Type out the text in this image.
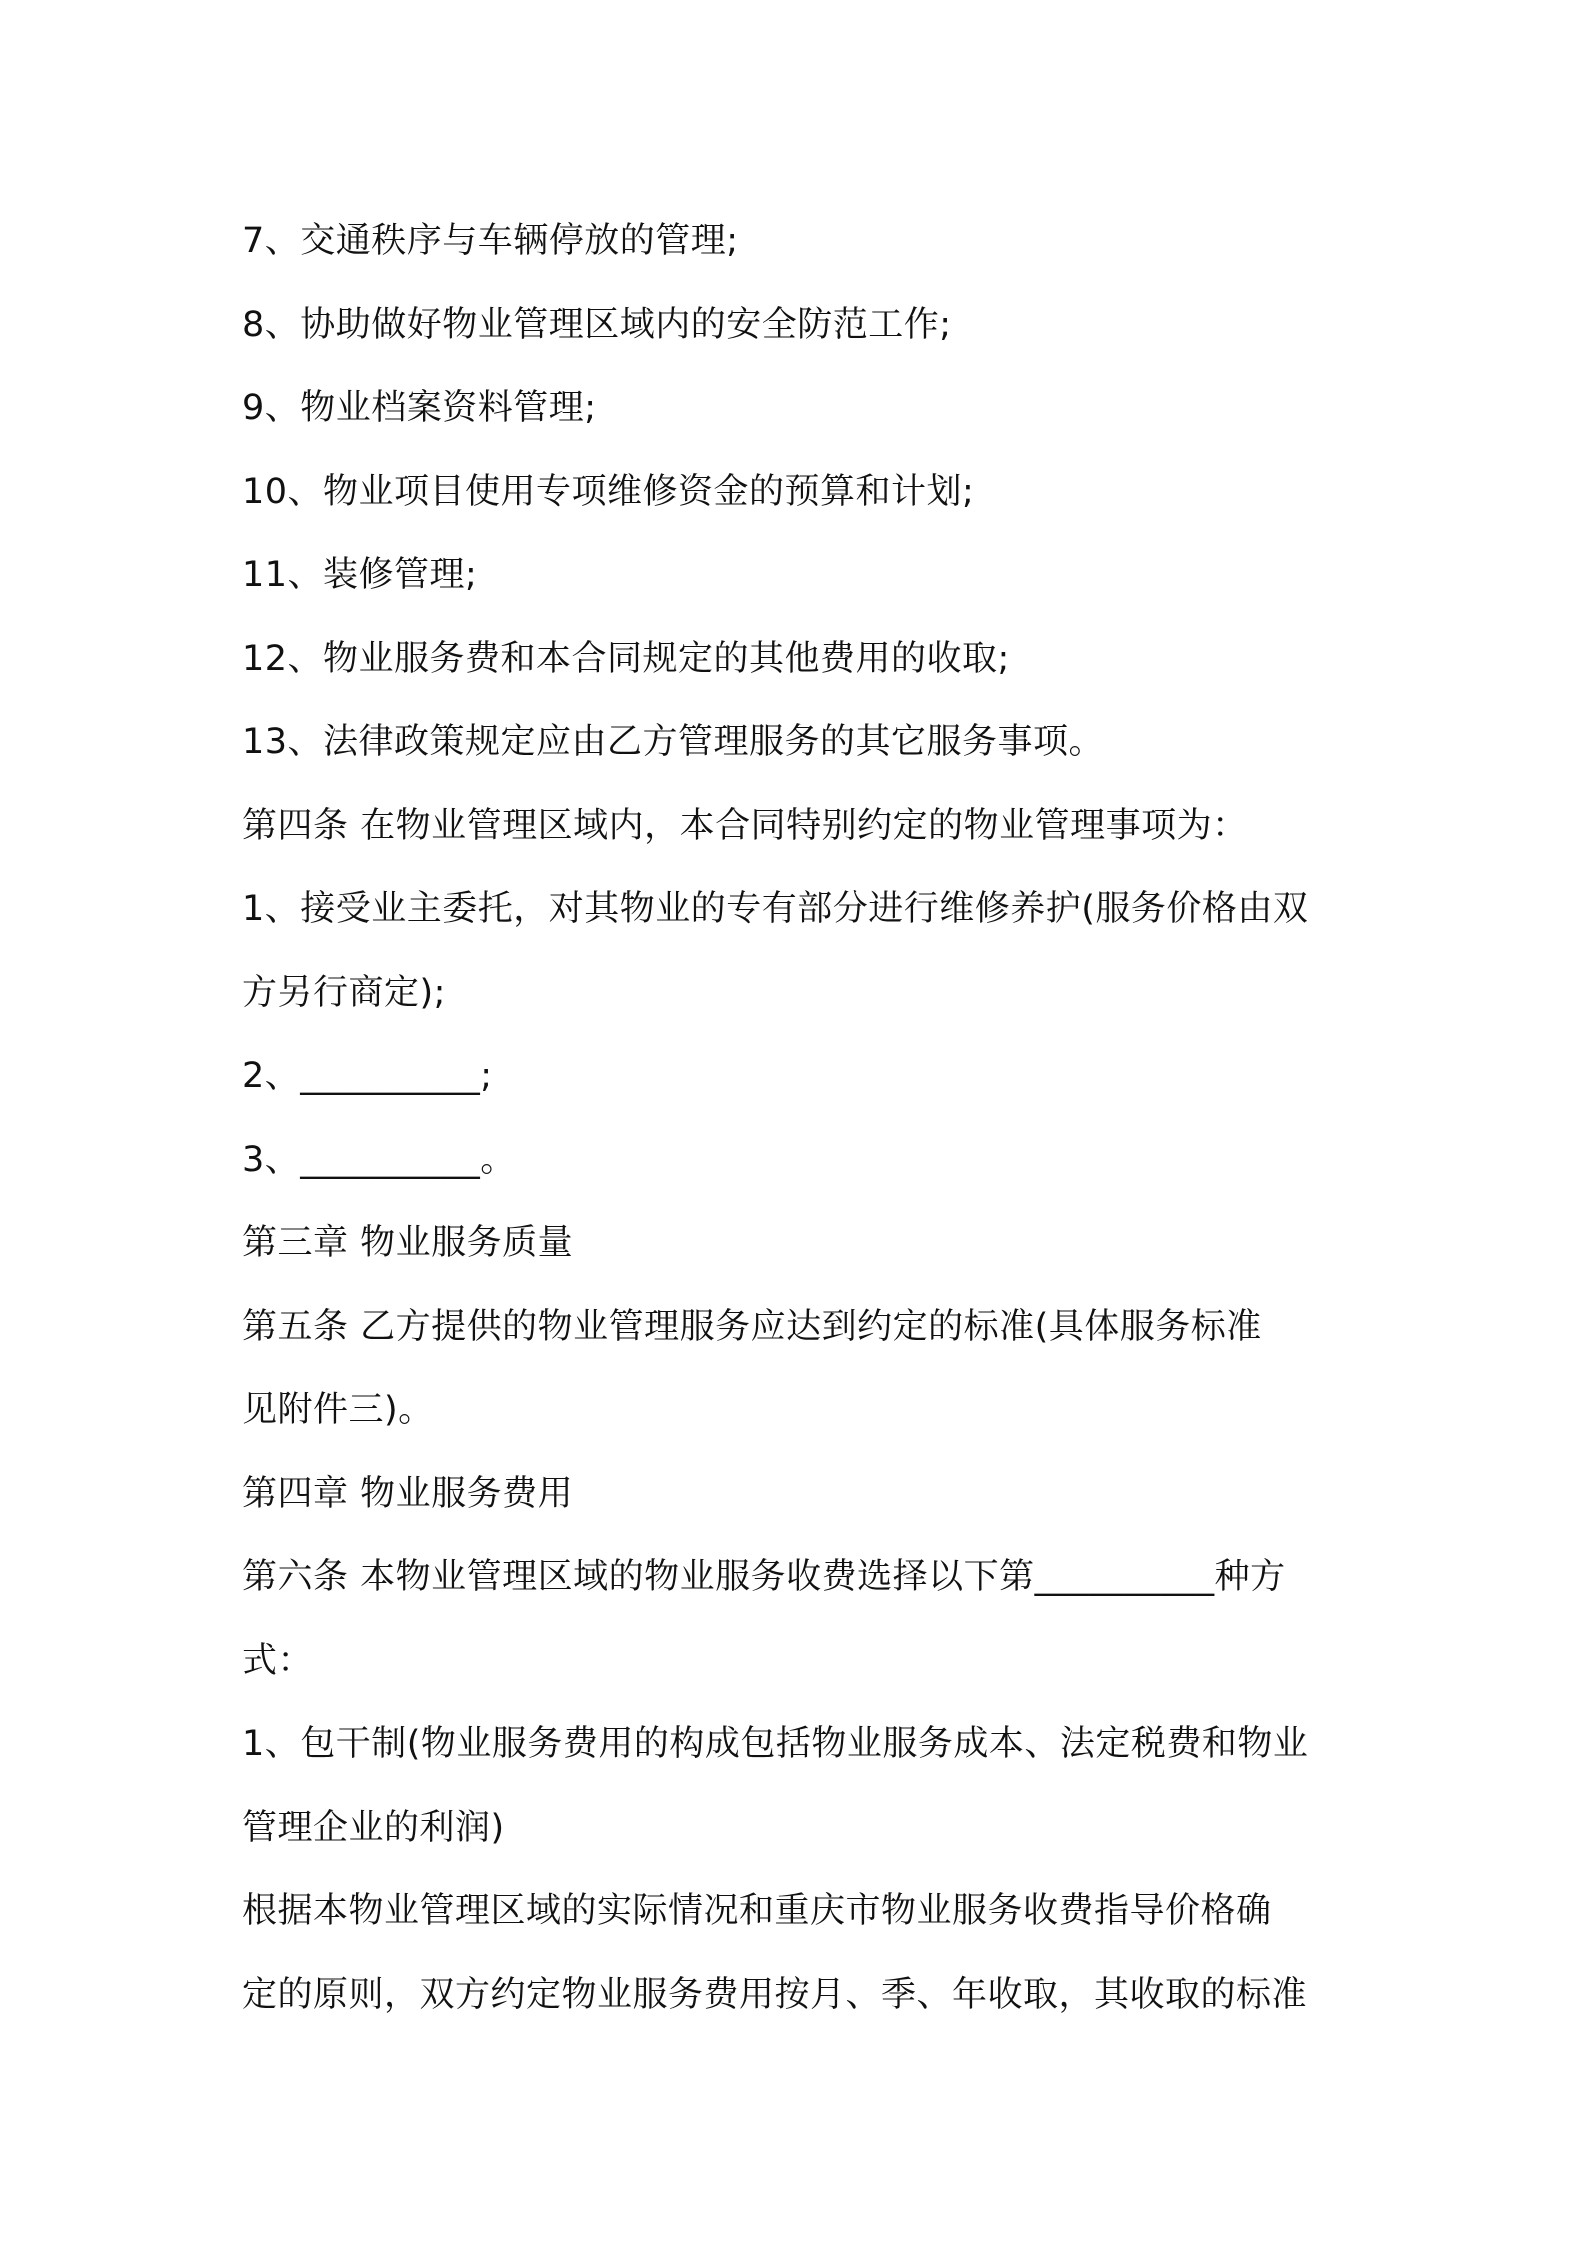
7、交通秩序与车辆停放的管理;
8、协助做好物业管理区域内的安全防范工作;
9、物业档案资料管理;
10、物业项目使用专项维修资金的预算和计划;
11、装修管理;
12、物业服务费和本合同规定的其他费用的收取;
13、法律政策规定应由乙方管理服务的其它服务事项。
第四条 在物业管理区域内，本合同特别约定的物业管理事项为：
1、接受业主委托，对其物业的专有部分进行维修养护(服务价格由双
方另行商定);
2、__________;
3、__________。
第三章 物业服务质量
第五条 乙方提供的物业管理服务应达到约定的标准(具体服务标准
见附件三)。
第四章 物业服务费用
第六条 本物业管理区域的物业服务收费选择以下第__________种方
式：
1、包干制(物业服务费用的构成包括物业服务成本、法定税费和物业
管理企业的利润)
根据本物业管理区域的实际情况和重庆市物业服务收费指导价格确
定的原则，双方约定物业服务费用按月、季、年收取，其收取的标准
